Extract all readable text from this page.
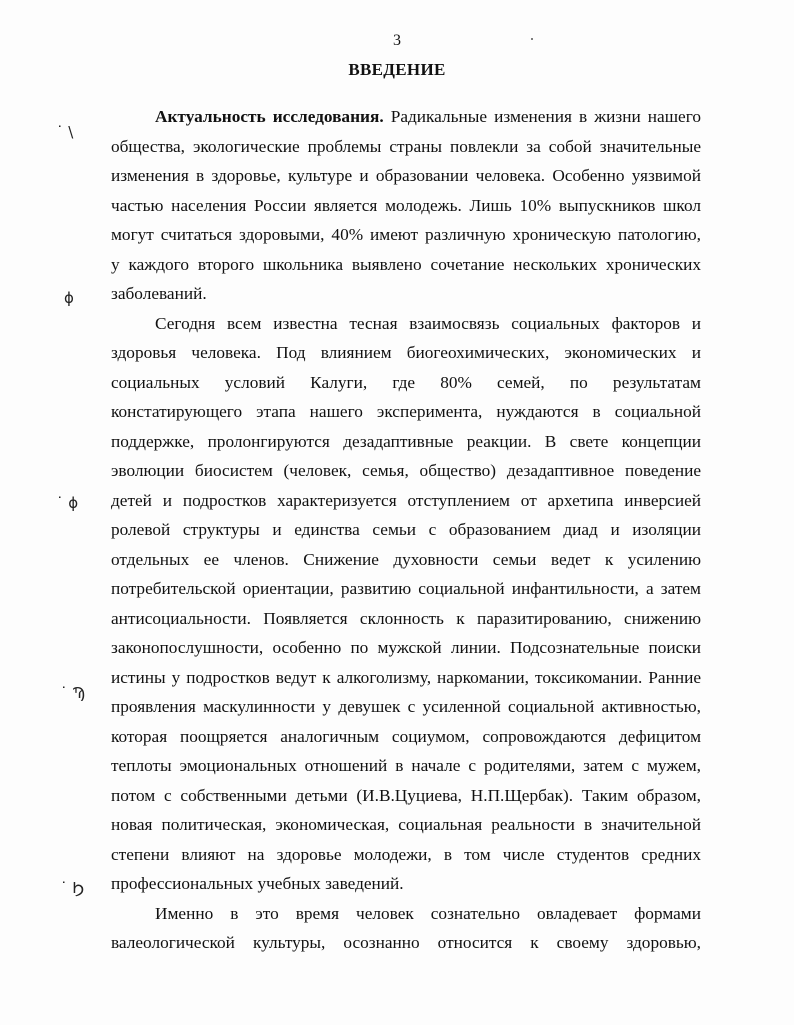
3
ВВЕДЕНИЕ
˙ \
ϕ
˙ ϕ
˙ Ϡ
˙ Ϧ
Актуальность исследования. Радикальные изменения в жизни нашего
общества, экологические проблемы страны повлекли за собой значительные
изменения в здоровье, культуре и образовании человека. Особенно уязвимой
частью населения России является молодежь. Лишь 10% выпускников школ
могут считаться здоровыми, 40% имеют различную хроническую патологию,
у каждого второго школьника выявлено сочетание нескольких хронических
заболеваний.
Сегодня всем известна тесная взаимосвязь социальных факторов и
здоровья человека. Под влиянием биогеохимических, экономических и
социальных условий Калуги, где 80% семей, по результатам
констатирующего этапа нашего эксперимента, нуждаются в социальной
поддержке, пролонгируются дезадаптивные реакции. В свете концепции
эволюции биосистем (человек, семья, общество) дезадаптивное поведение
детей и подростков характеризуется отступлением от архетипа инверсией
ролевой структуры и единства семьи с образованием диад и изоляции
отдельных ее членов. Снижение духовности семьи ведет к усилению
потребительской ориентации, развитию социальной инфантильности, а затем
антисоциальности. Появляется склонность к паразитированию, снижению
законопослушности, особенно по мужской линии. Подсознательные поиски
истины у подростков ведут к алкоголизму, наркомании, токсикомании. Ранние
проявления маскулинности у девушек с усиленной социальной активностью,
которая поощряется аналогичным социумом, сопровождаются дефицитом
теплоты эмоциональных отношений в начале с родителями, затем с мужем,
потом с собственными детьми (И.В.Цуциева, Н.П.Щербак). Таким образом,
новая политическая, экономическая, социальная реальности в значительной
степени влияют на здоровье молодежи, в том числе студентов средних
профессиональных учебных заведений.
Именно в это время человек сознательно овладевает формами
валеологической культуры, осознанно относится к своему здоровью,
